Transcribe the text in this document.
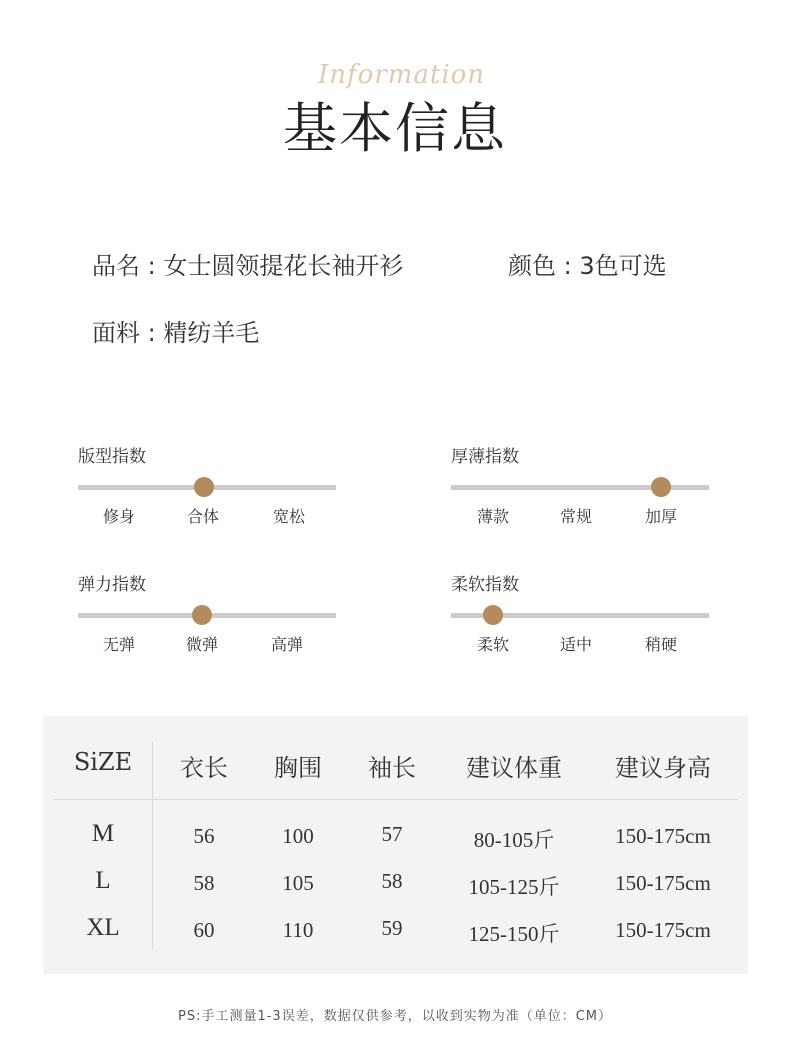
Information
基本信息
品名 : 女士圆领提花长袖开衫	颜色 : 3色可选
面料 : 精纺羊毛
版型指数
修身	合体	宽松
厚薄指数
薄款	常规	加厚
弹力指数
无弹	微弹	高弹
柔软指数
柔软	适中	稍硬
SiZE	衣长	胸围	袖长	建议体重	建议身高
M	56	100	57	80-105斤	150-175cm
L	58	105	58	105-125斤	150-175cm
XL	60	110	59	125-150斤	150-175cm
PS:手工测量1-3误差，数据仅供参考，以收到实物为准（单位：CM）
